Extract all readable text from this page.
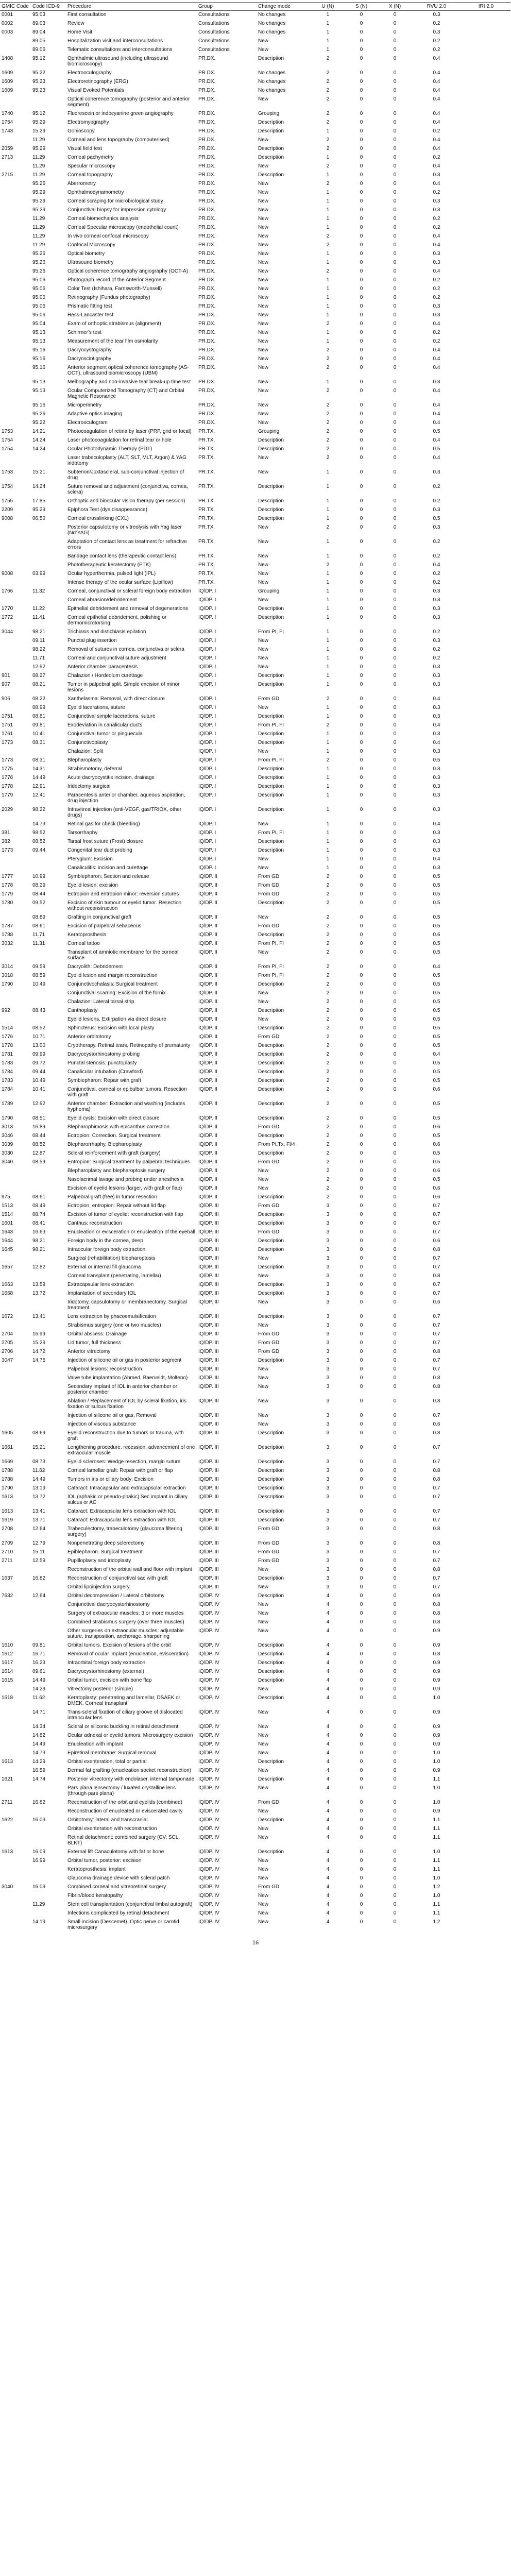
GMIC Code	Code ICD-9	Procedure	Group	Change mode	U (N)	S (N)	X (N)	RVU 2.0	IRI 2.0
0001	95.03	First consultation	Consultations	No changes	1	0	0	0.3	
0002	89.03	Review	Consultations	No changes	1	0	0	0.2	
0003	89.04	Home Visit	Consultations	No changes	1	0	0	0.3	
	89.05	Hospitalization visit and interconsultations	Consultations	New	1	0	0	0.2	
	89.06	Telematic consultations and interconsultations	Consultations	New	1	0	0	0.2	
1408	95.12	Ophthalmic ultrasound (including ultrasound biomicroscopy)	PR.DX.	Description	2	0	0	0.4	
1609	95.22	Electrooculography	PR.DX.	No changes	2	0	0	0.4	
1609	95.23	Electroretinography (ERG)	PR.DX.	No changes	2	0	0	0.4	
1609	95.23	Visual Evoked Potentials	PR.DX.	No changes	2	0	0	0.4	
		Optical coherence tomography (posterior and anterior segment)	PR.DX.	New	2	0	0	0.4	
1740	95.12	Fluorescein or indocyanine green angiography	PR.DX.	Grouping	2	0	0	0.4	
1754	95.29	Electromyography	PR.DX.	Description	2	0	0	0.4	
1743	15.29	Gonioscopy	PR.DX.	Description	1	0	0	0.2	
	11.29	Corneal and lens topography (computerised)	PR.DX.	New	2	0	0	0.4	
2059	95.29	Visual field test	PR.DX.	Description	2	0	0	0.4	
2713	11.29	Corneal pachymetry	PR.DX.	Description	1	0	0	0.2	
	11.29	Specular microscopy	PR.DX.	New	2	0	0	0.4	
2715	11.29	Corneal topography	PR.DX.	Description	1	0	0	0.3	
	95.26	Aberrometry	PR.DX.	New	2	0	0	0.4	
	95.29	Ophthalmodynamometry	PR.DX.	New	1	0	0	0.2	
	95.29	Corneal scraping for microbiological study	PR.DX.	New	1	0	0	0.3	
	95.29	Conjunctival biopsy for impression cytology	PR.DX.	New	1	0	0	0.3	
	11.29	Corneal biomechanics analysis	PR.DX.	New	1	0	0	0.2	
	11.29	Corneal Specular microscopy (endothelial count)	PR.DX.	New	1	0	0	0.2	
	11.29	In vivo corneal confocal microscopy	PR.DX.	New	2	0	0	0.4	
	11.29	Confocal Microscopy	PR.DX.	New	2	0	0	0.4	
	95.26	Optical biometry	PR.DX.	New	1	0	0	0.3	
	95.26	Ultrasound biometry	PR.DX.	New	1	0	0	0.3	
	95.26	Optical coherence tomography angiography (OCT-A)	PR.DX.	New	2	0	0	0.4	
	95.06	Photograph record of the Anterior Segment	PR.DX.	New	1	0	0	0.2	
	95.06	Color Test (Ishihara, Farnsworth-Munsell)	PR.DX.	New	1	0	0	0.2	
	95.06	Retinography (Fundus photography)	PR.DX.	New	1	0	0	0.2	
	95.06	Prismatic fitting test	PR.DX.	New	1	0	0	0.3	
	95.06	Hess-Lancaster test	PR.DX.	New	1	0	0	0.3	
	95.04	Exam of orthoptic strabismus (alignment)	PR.DX.	New	2	0	0	0.4	
	95.13	Schirmer's test	PR.DX.	New	1	0	0	0.2	
	95.13	Measurement of the tear film osmolarity	PR.DX.	New	1	0	0	0.2	
	95.16	Dacryocystography	PR.DX.	New	2	0	0	0.4	
	95.16	Dacryoscintigraphy	PR.DX.	New	2	0	0	0.4	
	95.16	Anterior segment optical coherence tomography (AS-OCT), ultrasound biomicroscopy (UBM)	PR.DX.	New	2	0	0	0.4	
	95.13	Meibography and non-invasive tear break-up time test	PR.DX.	New	1	0	0	0.3	
	95.13	Ocular Computerized Tomography (CT) and Orbital Magnetic Resonance	PR.DX.	New	2	0	0	0.4	
	95.16	Microperimetry	PR.DX.	New	2	0	0	0.4	
	95.26	Adaptive optics imaging	PR.DX.	New	2	0	0	0.4	
	95.22	Electrooculogram	PR.DX.	New	2	0	0	0.4	
1753	14.21	Photocoagulation of retina by laser (PRP, grid or focal)	PR.TX.	Grouping	2	0	0	0.5	
1754	14.24	Laser photocoagulation for retinal tear or hole	PR.TX.	Description	2	0	0	0.4	
1754	14.24	Ocular Photodynamic Therapy (PDT)	PR.TX.	Description	2	0	0	0.5	
		Laser trabeculoplasty (ALT, SLT, MLT, Argon) & YAG iridotomy	PR.TX.	New	2	0	0	0.4	
1753	15.21	Subtenon/Juxtascleral, sub-conjunctival injection of drug	PR.TX.	New	1	0	0	0.3	
1754	14.24	Suture removal and adjustment (conjunctiva, cornea, sclera)	PR.TX.	Description	1	0	0	0.2	
1755	17.85	Orthoptic and binocular vision therapy (per session)	PR.TX.	Description	1	0	0	0.2	
2209	95.29	Epiphora Test (dye disappearance)	PR.TX.	Description	1	0	0	0.3	
9008	06.50	Corneal crosslinking (CXL)	PR.TX.	Description	1	0	0	0.5	
		Posterior capsulotomy or vitreolysis with Yag laser (Nd:YAG)	PR.TX.	New	2	0	0	0.3	
		Adaptation of contact lens as treatment for refractive errors	PR.TX.	New	1	0	0	0.2	
		Bandage contact lens (therapeutic contact lens)	PR.TX.	New	1	0	0	0.2	
		Phototherapeutic keratectomy (PTK)	PR.TX.	New	2	0	0	0.4	
9008	03.99	Ocular hyperthermia, pulsed light (IPL)	PR.TX.	New	1	0	0	0.2	
		Intense therapy of the ocular surface (Lipiflow)	PR.TX.	New	1	0	0	0.2	
1766	11.32	Corneal, conjunctival or scleral foreign body extraction	IQ/DP. I	Grouping	1	0	0	0.3	
		Corneal abrasion/debridement	IQ/DP. I	New	1	0	0	0.3	
1770	11.22	Epithelial debridement and removal of degenerations	IQ/DP. I	Description	1	0	0	0.3	
1772	11.41	Corneal epithelial debridement, polishing or dermomicrotorsing	IQ/DP. I	Description	1	0	0	0.3	
3044	98.21	Trichiasis and distichiasis epilation	IQ/DP. I	From PI, FI	1	0	0	0.2	
	09.11	Punctal plug insertion	IQ/DP. I	New	1	0	0	0.3	
	98.22	Removal of sutures in cornea, conjunctiva or sclera	IQ/DP. I	New	1	0	0	0.2	
	11.71	Corneal and conjunctival suture adjustment	IQ/DP. I	New	1	0	0	0.2	
	12.92	Anterior chamber paracentesis	IQ/DP. I	New	1	0	0	0.3	
901	08.27	Chalazion / Hordeolum curettage	IQ/DP. I	Description	1	0	0	0.3	
907	08.21	Tumor in palpebral split. Simple excision of minor lesions	IQ/DP. I	Description	1	0	0	0.3	
906	08.22	Xanthelasma: Removal, with direct closure	IQ/DP. I	From GD	2	0	0	0.4	
	08.99	Eyelid lacerations, suture	IQ/DP. I	New	1	0	0	0.3	
1751	08.81	Conjunctival simple lacerations, suture	IQ/DP. I	Description	1	0	0	0.3	
1751	09.81	Exodeviation in canalicular ducts	IQ/DP. I	From PI, FI	2	0	0	0.4	
1761	10.41	Conjunctival tumor or pinguecula	IQ/DP. I	Description	1	0	0	0.3	
1773	08.31	Conjunctivoplasty	IQ/DP. I	Description	1	0	0	0.4	
		Chalazion: Split	IQ/DP. I	New	1	0	0	0.3	
1773	08.31	Blepharoplasty	IQ/DP. I	From PI, FI	2	0	0	0.5	
1775	14.31	Strabismotomy, deferral	IQ/DP. I	Description	1	0	0	0.3	
1776	14.49	Acute dacryocystitis incision, drainage	IQ/DP. I	Description	1	0	0	0.3	
1778	12.91	Iridectomy surgical	IQ/DP. I	Description	1	0	0	0.3	
1779	12.41	Paracentesis anterior chamber, aqueous aspiration, drug injection	IQ/DP. I	Description	1	0	0	0.3	
2029	98.22	Intravitreal injection (anti-VEGF, gas/TRIOX, other drugs)	IQ/DP. I	Description	1	0	0	0.3	
	14.79	Retinal gas for check (bleeding)	IQ/DP. I	New	1	0	0	0.4	
381	98.52	Tarsorrhaphy	IQ/DP. I	From PI, FI	1	0	0	0.3	
382	08.52	Tarsal frost suture (Frost) closure	IQ/DP. I	Description	1	0	0	0.3	
1773	09.44	Congenital tear duct probing	IQ/DP. I	Description	1	0	0	0.3	
		Pterygium: Excision	IQ/DP. I	New	1	0	0	0.4	
		Canaliculitis: incision and curettage	IQ/DP. I	New	1	0	0	0.3	
1777	10.99	Symblepharon: Section and release	IQ/DP. II	From GD	2	0	0	0.5	
1778	08.29	Eyelid lesion: excision	IQ/DP. II	From GD	2	0	0	0.5	
1779	08.44	Ectropion and entropion minor: reversion sutures	IQ/DP. II	From GD	2	0	0	0.5	
1780	09.52	Excision of skin tumour or eyelid tumor. Resection without reconstruction	IQ/DP. II	Description	2	0	0	0.5	
	08.89	Grafting in conjunctival graft	IQ/DP. II	New	2	0	0	0.5	
1787	08.61	Excision of palpebral sebaceous	IQ/DP. II	From GD	2	0	0	0.5	
1788	11.71	Keratoprosthesis	IQ/DP. II	Description	2	0	0	0.6	
3032	11.31	Corneal tattoo	IQ/DP. II	From PI, FI	2	0	0	0.5	
		Transplant of amniotic membrane for the corneal surface	IQ/DP. II	New	2	0	0	0.5	
3014	09.59	Dacryolith: Debridement	IQ/DP. II	From PI, FI	2	0	0	0.4	
3018	08.59	Eyelid lesion and margin reconstruction	IQ/DP. II	From PI, FI	2	0	0	0.5	
1790	10.49	Conjunctivochalasis: Surgical treatment	IQ/DP. II	Description	2	0	0	0.5	
		Conjunctival scarring: Excision of the fornix	IQ/DP. II	New	2	0	0	0.5	
		Chalazion: Lateral tarsal strip	IQ/DP. II	New	2	0	0	0.5	
992	08.43	Canthoplasty	IQ/DP. II	Description	2	0	0	0.5	
		Eyelid lesions, Extirpation via direct closure	IQ/DP. II	New	2	0	0	0.5	
1514	08.52	Sphincterus: Excision with local plasty	IQ/DP. II	Description	2	0	0	0.5	
1776	10.71	Anterior orbitotomy	IQ/DP. II	From GD	2	0	0	0.5	
1778	13.00	Cryotherapy. Retinal tears, Retinopathy of prematurity	IQ/DP. II	Description	2	0	0	0.5	
1781	09.99	Dacryocystorhinostomy probing	IQ/DP. II	Description	2	0	0	0.4	
1783	09.72	Punctal stenosis: punctoplasty	IQ/DP. II	Description	2	0	0	0.5	
1784	09.44	Canalicular intubation (Crawford)	IQ/DP. II	Description	2	0	0	0.5	
1783	10.49	Symblepharon: Repair with graft	IQ/DP. II	Description	2	0	0	0.5	
1784	10.41	Conjunctival, corneal or epibulbar tumors. Resection with graft	IQ/DP. II	Description	2	0	0	0.6	
1789	12.92	Anterior chamber: Extraction and washing (includes hyphema)	IQ/DP. II	Description	2	0	0	0.5	
1790	08.51	Eyelid cysts: Excision with direct closure	IQ/DP. II	Description	2	0	0	0.5	
3013	16.89	Blepharophimosis with epicanthus correction	IQ/DP. II	From GD	2	0	0	0.6	
3046	08.44	Ectropion: Correction. Surgical treatment	IQ/DP. II	Description	2	0	0	0.5	
3039	08.52	Blepharorrhaphy, Blepharoplasty	IQ/DP. II	From Pt,Tx, Fl/4	2	0	0	0.6	
3030	12.87	Scleral reinforcement with graft (surgery)	IQ/DP. II	Description	2	0	0	0.5	
3040	08.59	Entropion: Surgical treatment by palpebral techniques	IQ/DP. II	From GD	2	0	0	0.5	
		Blepharoplasty and blepharoptosis surgery	IQ/DP. II	New	2	0	0	0.6	
		Nasolacrimal lavage and probing under anesthesia	IQ/DP. II	New	2	0	0	0.5	
		Excision of eyelid lesions (larger, with graft or flap)	IQ/DP. II	New	2	0	0	0.6	
975	08.61	Palpebral graft (free) in tumor resection	IQ/DP. II	Description	2	0	0	0.6	
1513	08.49	Ectropion, entropion: Repair without lid flap	IQ/DP. III	From GD	3	0	0	0.7	
1514	08.74	Excision of tumor of eyelid: reconstruction with flap	IQ/DP. III	Description	3	0	0	0.7	
1601	08.41	Canthus: reconstruction	IQ/DP. III	Description	3	0	0	0.7	
1643	16.63	Enucleation or evisceration or enucleation of the eyeball	IQ/DP. III	From GD	3	0	0	0.7	
1644	98.21	Foreign body in the cornea, deep	IQ/DP. III	Description	3	0	0	0.6	
1645	98.21	Intraocular foreign body extraction	IQ/DP. III	Description	3	0	0	0.8	
		Surgical (rehabilitation) blepharoptosis	IQ/DP. III	New	3	0	0	0.7	
1657	12.82	External or internal fill glaucoma	IQ/DP. III	Description	3	0	0	0.7	
		Corneal transplant (penetrating, lamellar)	IQ/DP. III	New	3	0	0	0.8	
1663	13.59	Extracapsular lens extraction	IQ/DP. III	Description	3	0	0	0.7	
1668	13.72	Implantation of secondary IOL	IQ/DP. III	Description	3	0	0	0.7	
		Iridotomy, capsulotomy or membranectomy. Surgical treatment	IQ/DP. III	New	3	0	0	0.6	
1672	13.41	Lens extraction by phacoemulsification	IQ/DP. III	Description	3	0	0	0.7	
		Strabismus surgery (one or two muscles)	IQ/DP. III	New	3	0	0	0.7	
2704	16.99	Orbital abscess: Drainage	IQ/DP. III	From GD	3	0	0	0.7	
2705	15.29	Lid tumor, full thickness	IQ/DP. III	From GD	3	0	0	0.7	
2706	14.72	Anterior vitrectomy	IQ/DP. III	From GD	3	0	0	0.8	
3047	14.75	Injection of silicone oil or gas in posterior segment	IQ/DP. III	Description	3	0	0	0.7	
		Palpebral lesions: reconstruction	IQ/DP. III	New	3	0	0	0.7	
		Valve tube implantation (Ahmed, Baerveldt, Molteno)	IQ/DP. III	New	3	0	0	0.8	
		Secondary implant of IOL in anterior chamber or posterior chamber	IQ/DP. III	New	3	0	0	0.8	
		Ablation / Replacement of IOL by scleral fixation, iris fixation or sulcus fixation	IQ/DP. III	New	3	0	0	0.8	
		Injection of silicone oil or gas, Removal	IQ/DP. III	New	3	0	0	0.7	
		Injection of viscous substance	IQ/DP. III	New	3	0	0	0.6	
1605	08.69	Eyelid reconstruction due to tumors or trauma, with graft	IQ/DP. III	Description	3	0	0	0.8	
1661	15.21	Lengthening procedure, recession, advancement of one extraocular muscle	IQ/DP. III	Description	3	0	0	0.7	
1669	08.73	Eyelid scleroses: Wedge resection, margin suture	IQ/DP. III	Description	3	0	0	0.7	
1788	11.62	Corneal lamellar graft: Repair with graft or flap	IQ/DP. III	Description	3	0	0	0.8	
1788	14.49	Tumors in iris or ciliary body: Excision	IQ/DP. III	Description	3	0	0	0.8	
1790	13.19	Cataract: Intracapsular and extracapsular extraction	IQ/DP. III	Description	3	0	0	0.7	
1613	13.72	IOL (aphakic or pseudo-phakic) Sec implant in ciliary sulcus or AC	IQ/DP. III	Description	3	0	0	0.7	
1613	13.41	Cataract: Extracapsular lens extraction with IOL	IQ/DP. III	Description	3	0	0	0.7	
1619	13.71	Cataract: Extracapsular lens extraction with IOL	IQ/DP. III	Description	3	0	0	0.7	
2708	12.64	Trabeculectomy, trabeculotomy (glaucoma filtering surgery)	IQ/DP. III	From GD	3	0	0	0.8	
2709	12.79	Nonpenetrating deep sclerectomy	IQ/DP. III	From GD	3	0	0	0.8	
2710	15.11	Epiblepharon. Surgical treatment	IQ/DP. III	From GD	3	0	0	0.7	
2711	12.59	Pupilloplasty and iridoplasty	IQ/DP. III	From GD	3	0	0	0.7	
		Reconstruction of the orbital wall and floor with implant	IQ/DP. III	New	3	0	0	0.8	
1637	16.82	Reconstruction of conjunctival sac with graft	IQ/DP. III	Description	3	0	0	0.7	
		Orbital lipoinjection surgery	IQ/DP. III	New	3	0	0	0.7	
7632	12.64	Orbital decompression / Lateral orbitotomy	IQ/DP. IV	Description	4	0	0	0.9	
		Conjunctival dacryocystorhinostomy	IQ/DP. IV	New	4	0	0	0.8	
		Surgery of extraocular muscles: 3 or more muscles	IQ/DP. IV	New	4	0	0	0.8	
		Combined strabismus surgery (over three muscles)	IQ/DP. IV	New	4	0	0	0.8	
		Other surgeries on extraocular muscles: adjustable suture, transposition, anchorage, sharpening	IQ/DP. IV	New	4	0	0	0.9	
1610	09.81	Orbital tumors. Excision of lesions of the orbit	IQ/DP. IV	Description	4	0	0	0.9	
1612	16.71	Removal of ocular implant (enucleation, evisceration)	IQ/DP. IV	Description	4	0	0	0.8	
1617	16.23	Intraorbital foreign body extraction	IQ/DP. IV	Description	4	0	0	0.9	
1614	09.61	Dacryocystorhinostomy (external)	IQ/DP. IV	Description	4	0	0	0.9	
1615	14.49	Orbital tumor, excision with bone flap	IQ/DP. IV	Description	4	0	0	0.9	
	14.29	Vitrectomy posterior (simple)	IQ/DP. IV	New	4	0	0	0.9	
1618	11.62	Keratoplasty: penetrating and lamellar, DSAEK or DMEK, Corneal transplant	IQ/DP. IV	Description	4	0	0	1.0	
	14.71	Trans-scleral fixation of ciliary groove of dislocated intraocular lens	IQ/DP. IV	New	4	0	0	0.9	
	14.34	Scleral or siliconic buckling in retinal detachment	IQ/DP. IV	New	4	0	0	0.9	
	14.82	Ocular adnexal or eyelid tumors: Microsurgery excision	IQ/DP. IV	New	4	0	0	0.9	
	14.49	Enucleation with implant	IQ/DP. IV	New	4	0	0	0.9	
	14.79	Epiretinal membrane: Surgical removal	IQ/DP. IV	New	4	0	0	1.0	
1613	14.29	Orbital exenteration, total or partial	IQ/DP. IV	Description	4	0	0	1.0	
	16.59	Dermal fat grafting (enucleation socket reconstruction)	IQ/DP. IV	New	4	0	0	0.9	
1621	14.74	Posterior vitrectomy with endolaser, internal tamponade	IQ/DP. IV	Description	4	0	0	1.1	
		Pars plana lensectomy / luxated crystalline lens (through pars plana)	IQ/DP. IV	New	4	0	0	1.0	
2711	16.82	Reconstruction of the orbit and eyelids (combined)	IQ/DP. IV	From GD	4	0	0	1.0	
		Reconstruction of enucleated or eviscerated cavity	IQ/DP. IV	New	4	0	0	0.9	
1622	16.09	Orbitotomy: lateral and transcranial	IQ/DP. IV	Description	4	0	0	1.1	
		Orbital exenteration with reconstruction	IQ/DP. IV	New	4	0	0	1.1	
		Retinal detachment: combined surgery (CV, SCL, BLKT)	IQ/DP. IV	New	4	0	0	1.1	
1613	16.09	External lift Canaculotomy with fat or bone	IQ/DP. IV	Description	4	0	0	1.0	
	16.99	Orbital tumor, posterior: excision	IQ/DP. IV	New	4	0	0	1.1	
		Keratoprosthesis: implant	IQ/DP. IV	New	4	0	0	1.1	
		Glaucoma drainage device with scleral patch	IQ/DP. IV	New	4	0	0	1.0	
3040	16.09	Combined corneal and vitreoretinal surgery	IQ/DP. IV	From GD	4	0	0	1.2	
		Fibrin/blood keratopathy	IQ/DP. IV	New	4	0	0	1.0	
	11.29	Stem cell transplantation (conjunctival limbal autograft)	IQ/DP. IV	New	4	0	0	1.1	
		Infections complicated by retinal detachment	IQ/DP. IV	New	4	0	0	1.1	
	14.19	Small incision (Descemet). Optic nerve or carotid microsurgery	IQ/DP. IV	New	4	0	0	1.2	
16
